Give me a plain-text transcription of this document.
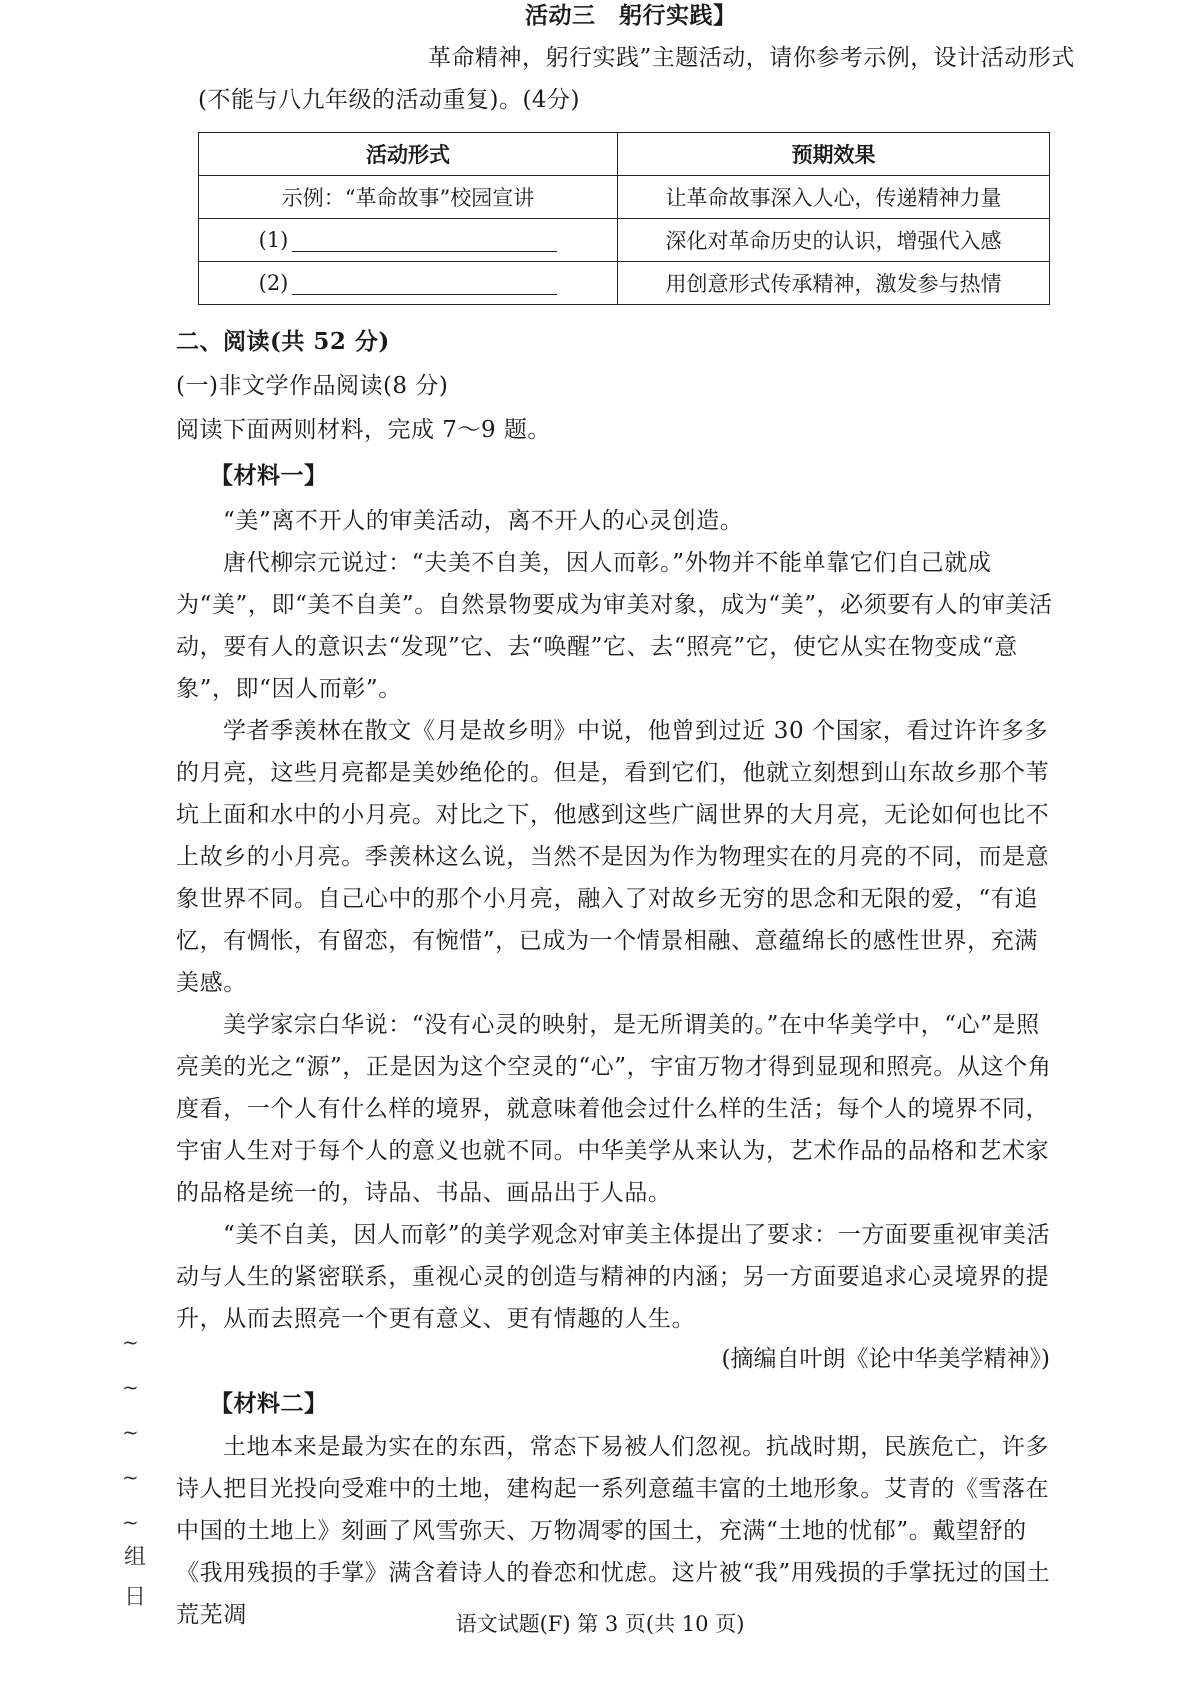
活动三　躬行实践】
革命精神，躬行实践”主题活动，请你参考示例，设计活动形式
(不能与八九年级的活动重复)。(4分)
活动形式	预期效果
示例：“革命故事”校园宣讲	让革命故事深入人心，传递精神力量
(1)	深化对革命历史的认识，增强代入感
(2)	用创意形式传承精神，激发参与热情
二、阅读(共 52 分)
(一)非文学作品阅读(8 分)
阅读下面两则材料，完成 7～9 题。
【材料一】
“美”离不开人的审美活动，离不开人的心灵创造。
唐代柳宗元说过：“夫美不自美，因人而彰。”外物并不能单靠它们自己就成为“美”，即“美不自美”。自然景物要成为审美对象，成为“美”，必须要有人的审美活动，要有人的意识去“发现”它、去“唤醒”它、去“照亮”它，使它从实在物变成“意象”，即“因人而彰”。
学者季羡林在散文《月是故乡明》中说，他曾到过近 30 个国家，看过许许多多的月亮，这些月亮都是美妙绝伦的。但是，看到它们，他就立刻想到山东故乡那个苇坑上面和水中的小月亮。对比之下，他感到这些广阔世界的大月亮，无论如何也比不上故乡的小月亮。季羡林这么说，当然不是因为作为物理实在的月亮的不同，而是意象世界不同。自己心中的那个小月亮，融入了对故乡无穷的思念和无限的爱，“有追忆，有惆怅，有留恋，有惋惜”，已成为一个情景相融、意蕴绵长的感性世界，充满美感。
美学家宗白华说：“没有心灵的映射，是无所谓美的。”在中华美学中，“心”是照亮美的光之“源”，正是因为这个空灵的“心”，宇宙万物才得到显现和照亮。从这个角度看，一个人有什么样的境界，就意味着他会过什么样的生活；每个人的境界不同，宇宙人生对于每个人的意义也就不同。中华美学从来认为，艺术作品的品格和艺术家的品格是统一的，诗品、书品、画品出于人品。
“美不自美，因人而彰”的美学观念对审美主体提出了要求：一方面要重视审美活动与人生的紧密联系，重视心灵的创造与精神的内涵；另一方面要追求心灵境界的提升，从而去照亮一个更有意义、更有情趣的人生。
(摘编自叶朗《论中华美学精神》)
【材料二】
土地本来是最为实在的东西，常态下易被人们忽视。抗战时期，民族危亡，许多诗人把目光投向受难中的土地，建构起一系列意蕴丰富的土地形象。艾青的《雪落在中国的土地上》刻画了风雪弥天、万物凋零的国土，充满“土地的忧郁”。戴望舒的《我用残损的手掌》满含着诗人的眷恋和忧虑。这片被“我”用残损的手掌抚过的国土荒芜凋
~
~
~
~
~
组
日
语文试题(F) 第 3 页(共 10 页)
